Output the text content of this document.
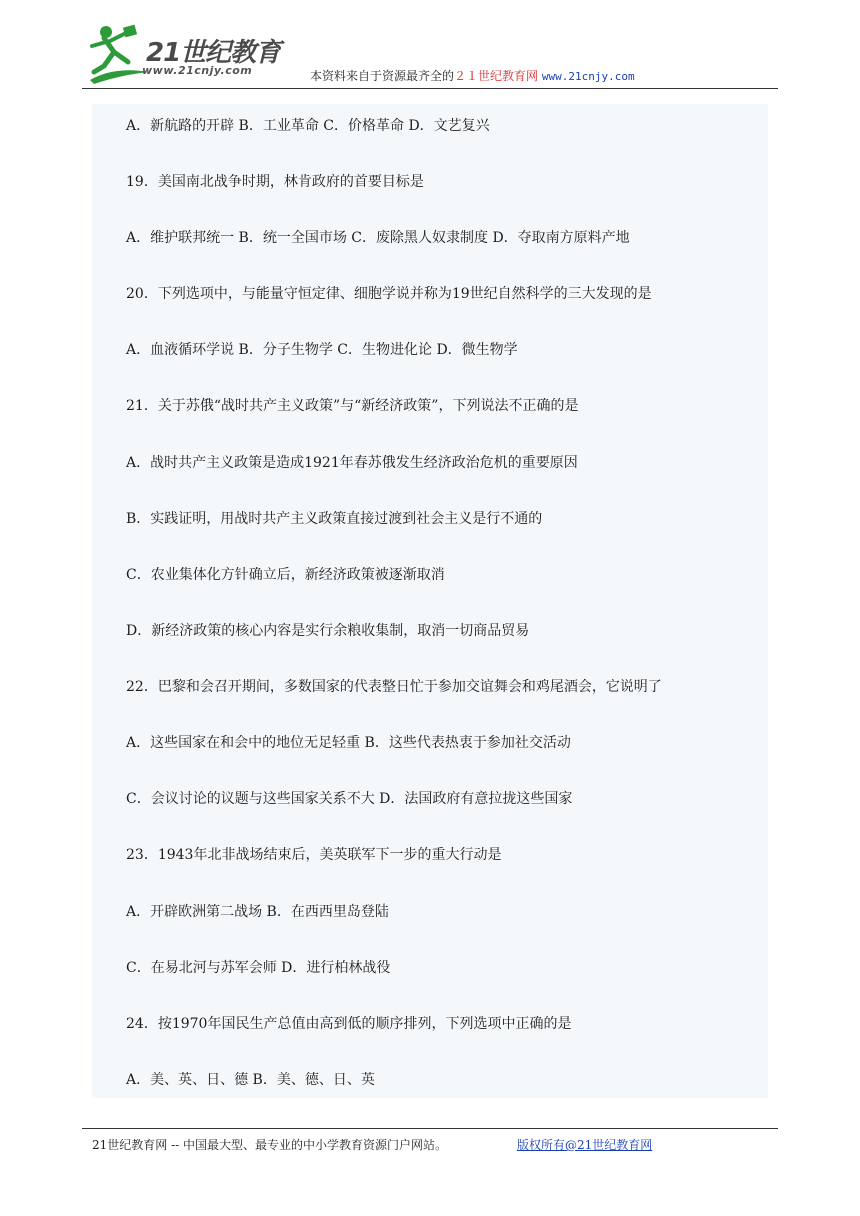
21世纪教育
www.21cnjy.com	本资料来自于资源最齐全的２１世纪教育网 www.21cnjy.com
A．新航路的开辟 B．工业革命 C．价格革命 D．文艺复兴
19．美国南北战争时期，林肯政府的首要目标是
A．维护联邦统一 B．统一全国市场 C．废除黑人奴隶制度 D．夺取南方原料产地
20．下列选项中，与能量守恒定律、细胞学说并称为19世纪自然科学的三大发现的是
A．血液循环学说 B．分子生物学 C．生物进化论 D．微生物学
21．关于苏俄“战时共产主义政策”与“新经济政策”，下列说法不正确的是
A．战时共产主义政策是造成1921年春苏俄发生经济政治危机的重要原因
B．实践证明，用战时共产主义政策直接过渡到社会主义是行不通的
C．农业集体化方针确立后，新经济政策被逐渐取消
D．新经济政策的核心内容是实行余粮收集制，取消一切商品贸易
22．巴黎和会召开期间，多数国家的代表整日忙于参加交谊舞会和鸡尾酒会，它说明了
A．这些国家在和会中的地位无足轻重 B．这些代表热衷于参加社交活动
C．会议讨论的议题与这些国家关系不大 D．法国政府有意拉拢这些国家
23．1943年北非战场结束后，美英联军下一步的重大行动是
A．开辟欧洲第二战场 B．在西西里岛登陆
C．在易北河与苏军会师 D．进行柏林战役
24．按1970年国民生产总值由高到低的顺序排列，下列选项中正确的是
A．美、英、日、德 B．美、德、日、英
21世纪教育网 -- 中国最大型、最专业的中小学教育资源门户网站。	版权所有@21世纪教育网
